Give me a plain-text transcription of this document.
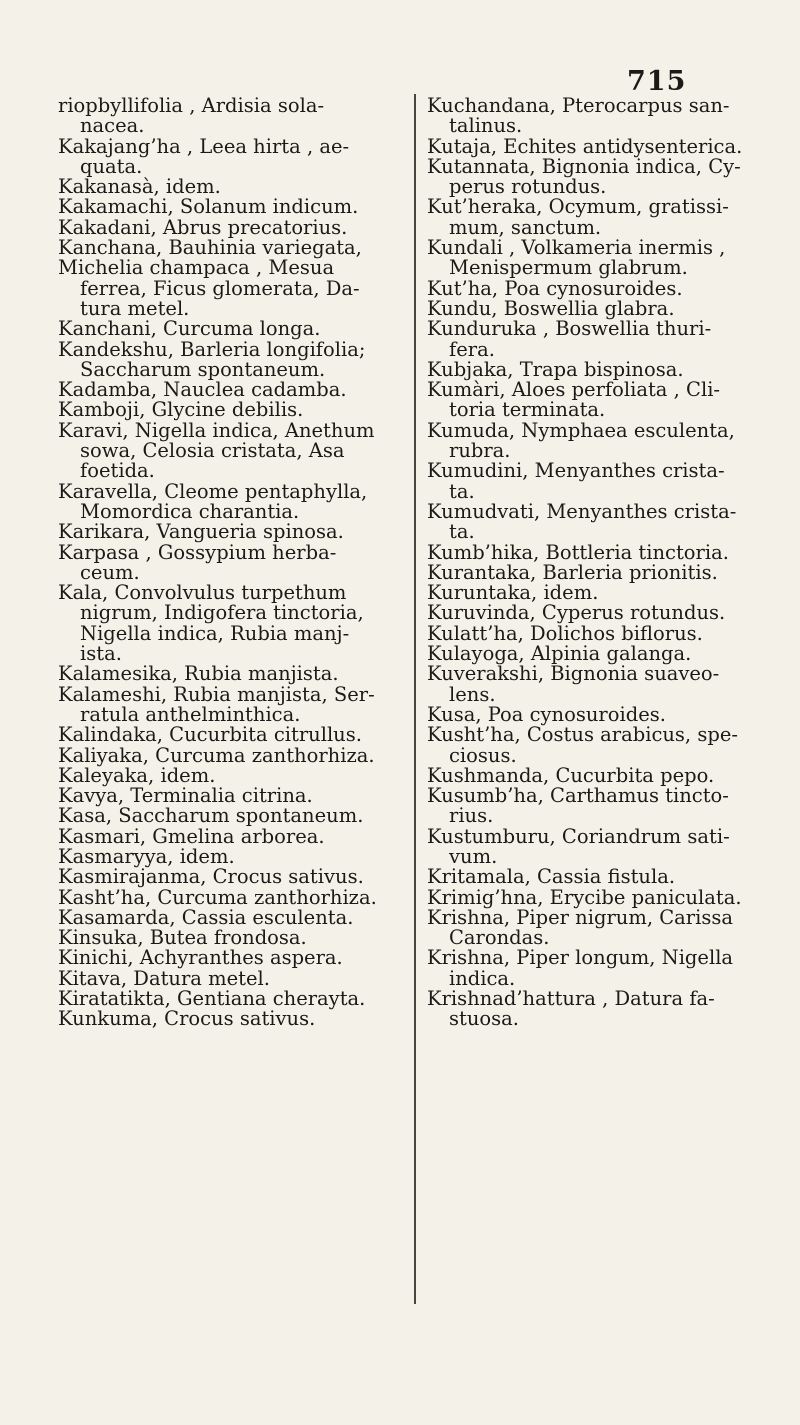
715
riopbyllifolia , Ardisia sola-
nacea.
Kakajang’ha , Leea hirta , ae-
quata.
Kakanasà, idem.
Kakamachi, Solanum indicum.
Kakadani, Abrus precatorius.
Kanchana, Bauhinia variegata,
Michelia champaca , Mesua
ferrea, Ficus glomerata, Da-
tura metel.
Kanchani, Curcuma longa.
Kandekshu, Barleria longifolia;
Saccharum spontaneum.
Kadamba, Nauclea cadamba.
Kamboji, Glycine debilis.
Karavi, Nigella indica, Anethum
sowa, Celosia cristata, Asa
foetida.
Karavella, Cleome pentaphylla,
Momordica charantia.
Karikara, Vangueria spinosa.
Karpasa , Gossypium herba-
ceum.
Kala, Convolvulus turpethum
nigrum, Indigofera tinctoria,
Nigella indica, Rubia manj-
ista.
Kalamesika, Rubia manjista.
Kalameshi, Rubia manjista, Ser-
ratula anthelminthica.
Kalindaka, Cucurbita citrullus.
Kaliyaka, Curcuma zanthorhiza.
Kaleyaka, idem.
Kavya, Terminalia citrina.
Kasa, Saccharum spontaneum.
Kasmari, Gmelina arborea.
Kasmaryya, idem.
Kasmirajanma, Crocus sativus.
Kasht’ha, Curcuma zanthorhiza.
Kasamarda, Cassia esculenta.
Kinsuka, Butea frondosa.
Kinichi, Achyranthes aspera.
Kitava, Datura metel.
Kiratatikta, Gentiana cherayta.
Kunkuma, Crocus sativus.
Kuchandana, Pterocarpus san-
talinus.
Kutaja, Echites antidysenterica.
Kutannata, Bignonia indica, Cy-
perus rotundus.
Kut’heraka, Ocymum, gratissi-
mum, sanctum.
Kundali , Volkameria inermis ,
Menispermum glabrum.
Kut’ha, Poa cynosuroides.
Kundu, Boswellia glabra.
Kunduruka , Boswellia thuri-
fera.
Kubjaka, Trapa bispinosa.
Kumàri, Aloes perfoliata , Cli-
toria terminata.
Kumuda, Nymphaea esculenta,
rubra.
Kumudini, Menyanthes crista-
ta.
Kumudvati, Menyanthes crista-
ta.
Kumb’hika, Bottleria tinctoria.
Kurantaka, Barleria prionitis.
Kuruntaka, idem.
Kuruvinda, Cyperus rotundus.
Kulatt’ha, Dolichos biflorus.
Kulayoga, Alpinia galanga.
Kuverakshi, Bignonia suaveo-
lens.
Kusa, Poa cynosuroides.
Kusht’ha, Costus arabicus, spe-
ciosus.
Kushmanda, Cucurbita pepo.
Kusumb’ha, Carthamus tincto-
rius.
Kustumburu, Coriandrum sati-
vum.
Kritamala, Cassia fistula.
Krimig’hna, Erycibe paniculata.
Krishna, Piper nigrum, Carissa
Carondas.
Krishna, Piper longum, Nigella
indica.
Krishnad’hattura , Datura fa-
stuosa.
